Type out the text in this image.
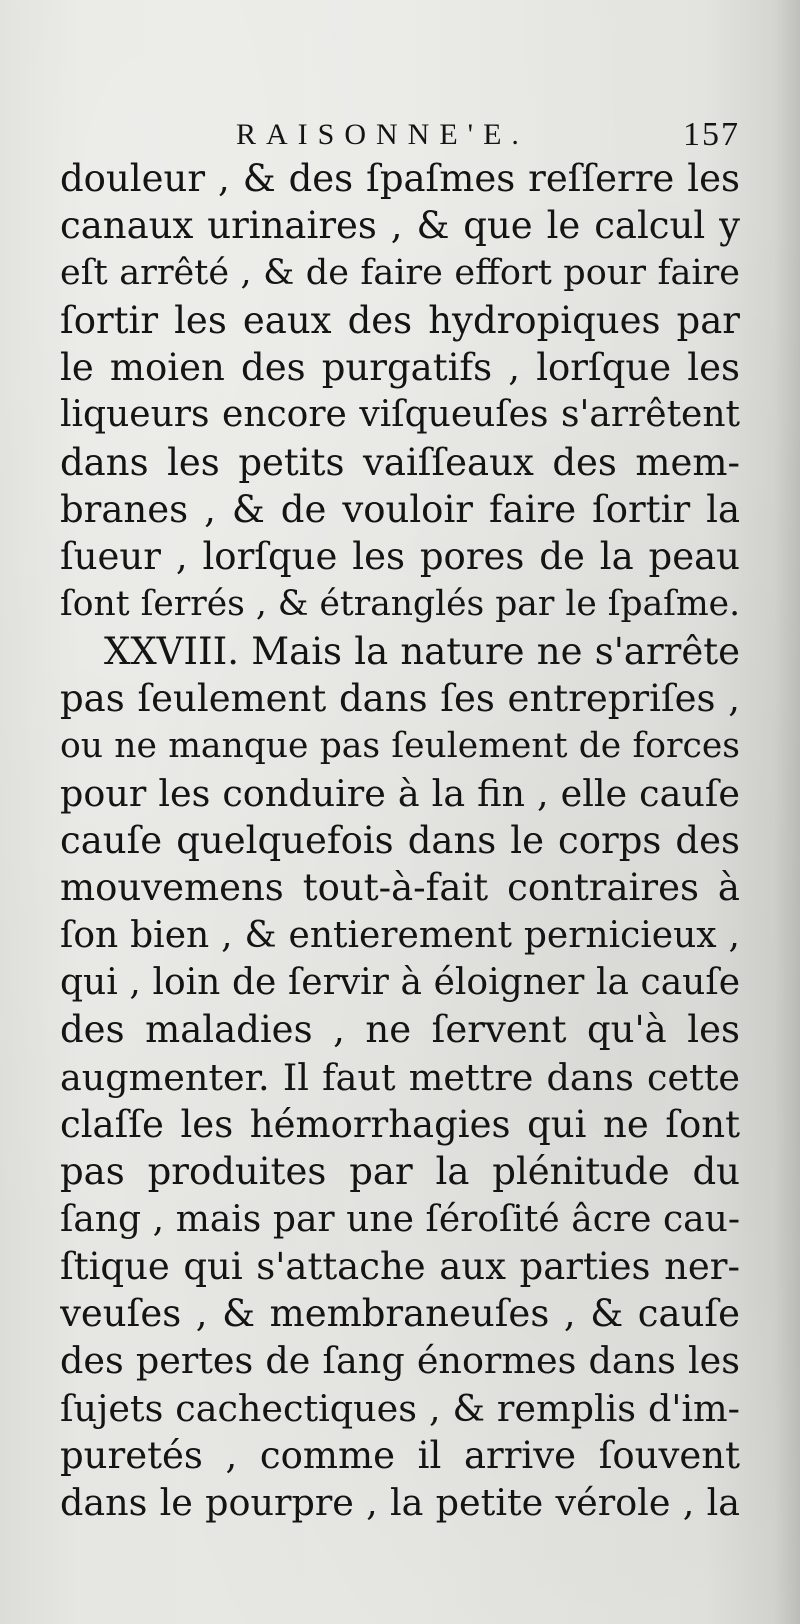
RAISONNE'E.	157
douleur , & des ſpaſmes reſſerre les
canaux urinaires , & que le calcul y
eſt arrêté , & de faire effort pour faire
ſortir les eaux des hydropiques par
le moien des purgatifs , lorſque les
liqueurs encore viſqueuſes s'arrêtent
dans les petits vaiſſeaux des mem-
branes , & de vouloir faire ſortir la
ſueur , lorſque les pores de la peau
ſont ſerrés , & étranglés par le ſpaſme.
XXVIII. Mais la nature ne s'arrête
pas ſeulement dans ſes entrepriſes ,
ou ne manque pas ſeulement de forces
pour les conduire à la fin , elle cauſe
cauſe quelquefois dans le corps des
mouvemens tout-à-fait contraires à
ſon bien , & entierement pernicieux ,
qui , loin de ſervir à éloigner la cauſe
des maladies , ne ſervent qu'à les
augmenter. Il faut mettre dans cette
claſſe les hémorrhagies qui ne ſont
pas produites par la plénitude du
ſang , mais par une ſéroſité âcre cau-
ſtique qui s'attache aux parties ner-
veuſes , & membraneuſes , & cauſe
des pertes de ſang énormes dans les
ſujets cachectiques , & remplis d'im-
puretés , comme il arrive ſouvent
dans le pourpre , la petite vérole , la
